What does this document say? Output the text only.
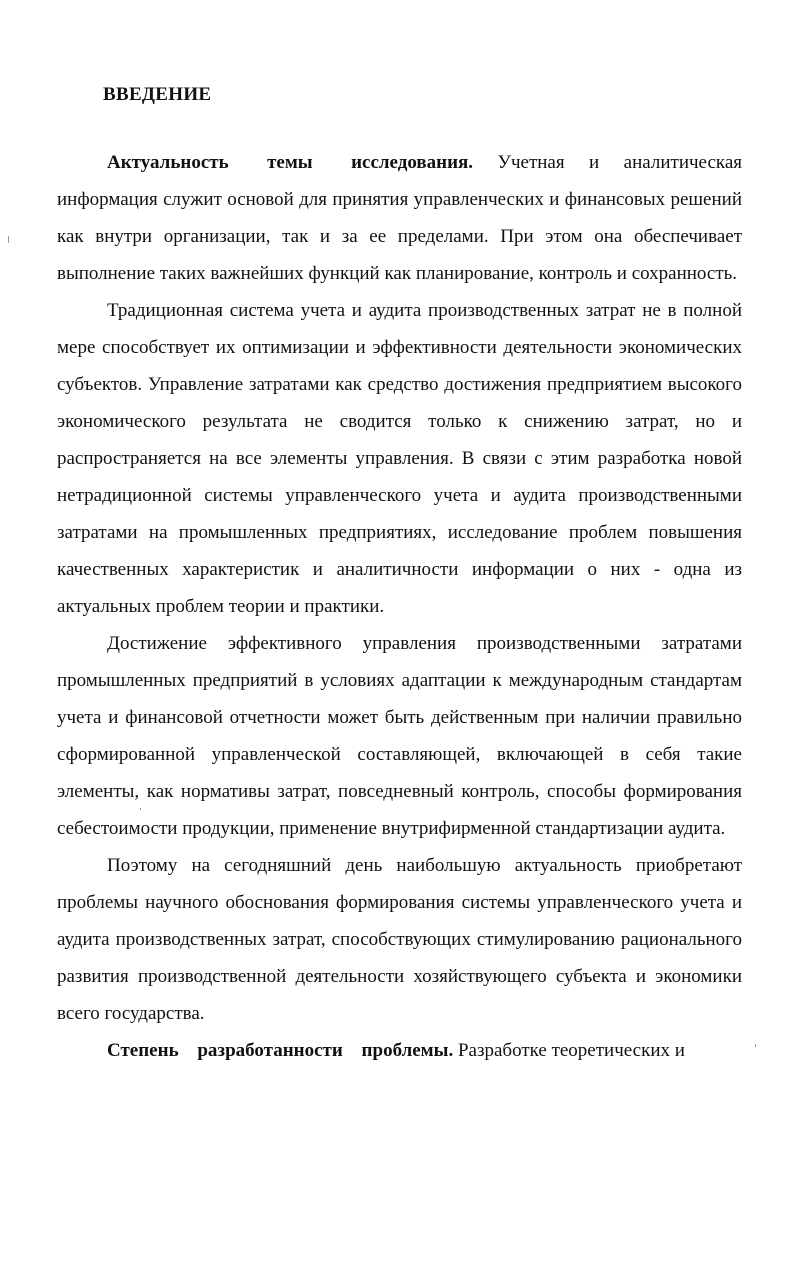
ВВЕДЕНИЕ

Актуальность темы исследования. Учетная и аналитическая информация служит основой для принятия управленческих и финансовых решений как внутри организации, так и за ее пределами. При этом она обеспечивает выполнение таких важнейших функций как планирование, контроль и сохранность.

Традиционная система учета и аудита производственных затрат не в полной мере способствует их оптимизации и эффективности деятельности экономических субъектов. Управление затратами как средство достижения предприятием высокого экономического результата не сводится только к снижению затрат, но и распространяется на все элементы управления. В связи с этим разработка новой нетрадиционной системы управленческого учета и аудита производственными затратами на промышленных предприятиях, исследование проблем повышения качественных характеристик и аналитичности информации о них - одна из актуальных проблем теории и практики.

Достижение эффективного управления производственными затратами промышленных предприятий в условиях адаптации к международным стандартам учета и финансовой отчетности может быть действенным при наличии правильно сформированной управленческой составляющей, включающей в себя такие элементы, как нормативы затрат, повседневный контроль, способы формирования себестоимости продукции, применение внутрифирменной стандартизации аудита.

Поэтому на сегодняшний день наибольшую актуальность приобретают проблемы научного обоснования формирования системы управленческого учета и аудита производственных затрат, способствующих стимулированию рационального развития производственной деятельности хозяйствующего субъекта и экономики всего государства.

Степень разработанности проблемы. Разработке теоретических и
